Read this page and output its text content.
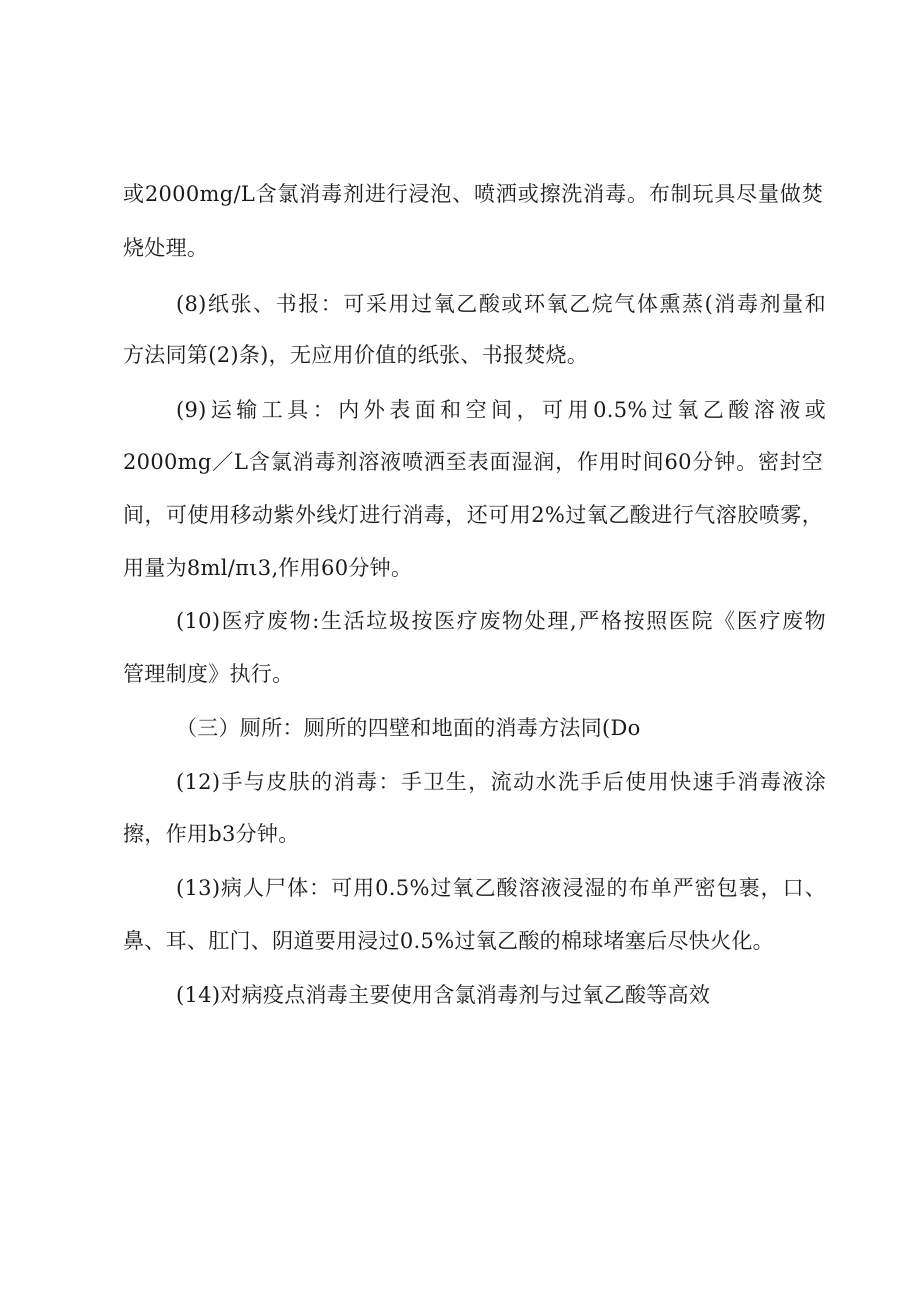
或2000mg/L含氯消毒剂进行浸泡、喷洒或擦洗消毒。布制玩具尽量做焚
烧处理。
(8)纸张、书报：可采用过氧乙酸或环氧乙烷气体熏蒸(消毒剂量和
方法同第(2)条)，无应用价值的纸张、书报焚烧。
(9)运输工具：内外表面和空间，可用0.5%过氧乙酸溶液或
2000mg／L含氯消毒剂溶液喷洒至表面湿润，作用时间60分钟。密封空
间，可使用移动紫外线灯进行消毒，还可用2%过氧乙酸进行气溶胶喷雾，
用量为8ml/πι3,作用60分钟。
(10)医疗废物:生活垃圾按医疗废物处理,严格按照医院《医疗废物
管理制度》执行。
（三）厕所：厕所的四壁和地面的消毒方法同(Do
(12)手与皮肤的消毒：手卫生，流动水洗手后使用快速手消毒液涂
擦，作用b3分钟。
(13)病人尸体：可用0.5%过氧乙酸溶液浸湿的布单严密包裹，口、
鼻、耳、肛门、阴道要用浸过0.5%过氧乙酸的棉球堵塞后尽快火化。
(14)对病疫点消毒主要使用含氯消毒剂与过氧乙酸等高效
